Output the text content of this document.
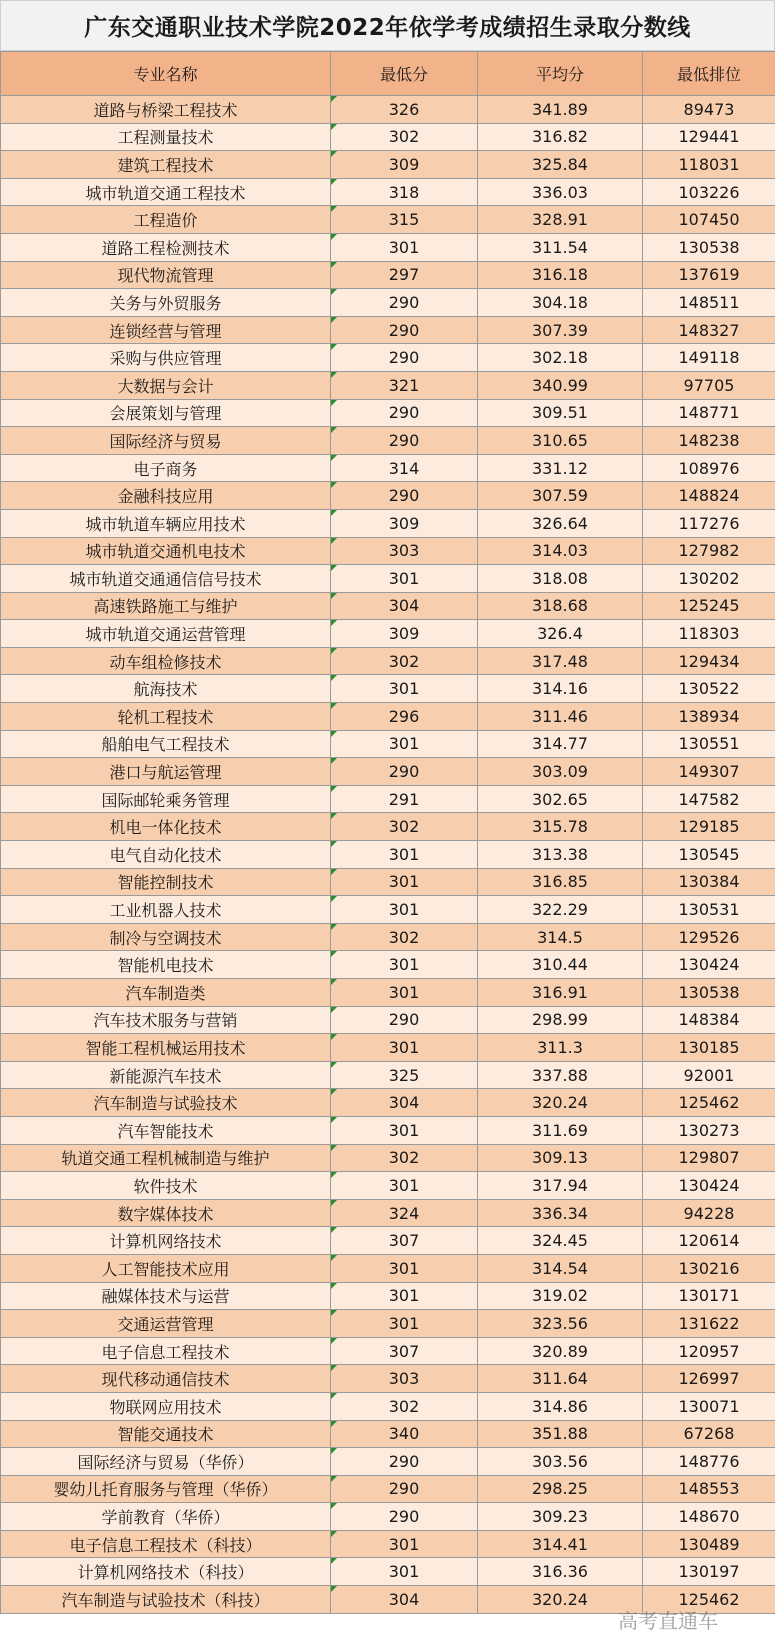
广东交通职业技术学院2022年依学考成绩招生录取分数线
专业名称	最低分	平均分	最低排位
道路与桥梁工程技术	326	341.89	89473
工程测量技术	302	316.82	129441
建筑工程技术	309	325.84	118031
城市轨道交通工程技术	318	336.03	103226
工程造价	315	328.91	107450
道路工程检测技术	301	311.54	130538
现代物流管理	297	316.18	137619
关务与外贸服务	290	304.18	148511
连锁经营与管理	290	307.39	148327
采购与供应管理	290	302.18	149118
大数据与会计	321	340.99	97705
会展策划与管理	290	309.51	148771
国际经济与贸易	290	310.65	148238
电子商务	314	331.12	108976
金融科技应用	290	307.59	148824
城市轨道车辆应用技术	309	326.64	117276
城市轨道交通机电技术	303	314.03	127982
城市轨道交通通信信号技术	301	318.08	130202
高速铁路施工与维护	304	318.68	125245
城市轨道交通运营管理	309	326.4	118303
动车组检修技术	302	317.48	129434
航海技术	301	314.16	130522
轮机工程技术	296	311.46	138934
船舶电气工程技术	301	314.77	130551
港口与航运管理	290	303.09	149307
国际邮轮乘务管理	291	302.65	147582
机电一体化技术	302	315.78	129185
电气自动化技术	301	313.38	130545
智能控制技术	301	316.85	130384
工业机器人技术	301	322.29	130531
制冷与空调技术	302	314.5	129526
智能机电技术	301	310.44	130424
汽车制造类	301	316.91	130538
汽车技术服务与营销	290	298.99	148384
智能工程机械运用技术	301	311.3	130185
新能源汽车技术	325	337.88	92001
汽车制造与试验技术	304	320.24	125462
汽车智能技术	301	311.69	130273
轨道交通工程机械制造与维护	302	309.13	129807
软件技术	301	317.94	130424
数字媒体技术	324	336.34	94228
计算机网络技术	307	324.45	120614
人工智能技术应用	301	314.54	130216
融媒体技术与运营	301	319.02	130171
交通运营管理	301	323.56	131622
电子信息工程技术	307	320.89	120957
现代移动通信技术	303	311.64	126997
物联网应用技术	302	314.86	130071
智能交通技术	340	351.88	67268
国际经济与贸易（华侨）	290	303.56	148776
婴幼儿托育服务与管理（华侨）	290	298.25	148553
学前教育（华侨）	290	309.23	148670
电子信息工程技术（科技）	301	314.41	130489
计算机网络技术（科技）	301	316.36	130197
汽车制造与试验技术（科技）	304	320.24	125462
高考直通车
